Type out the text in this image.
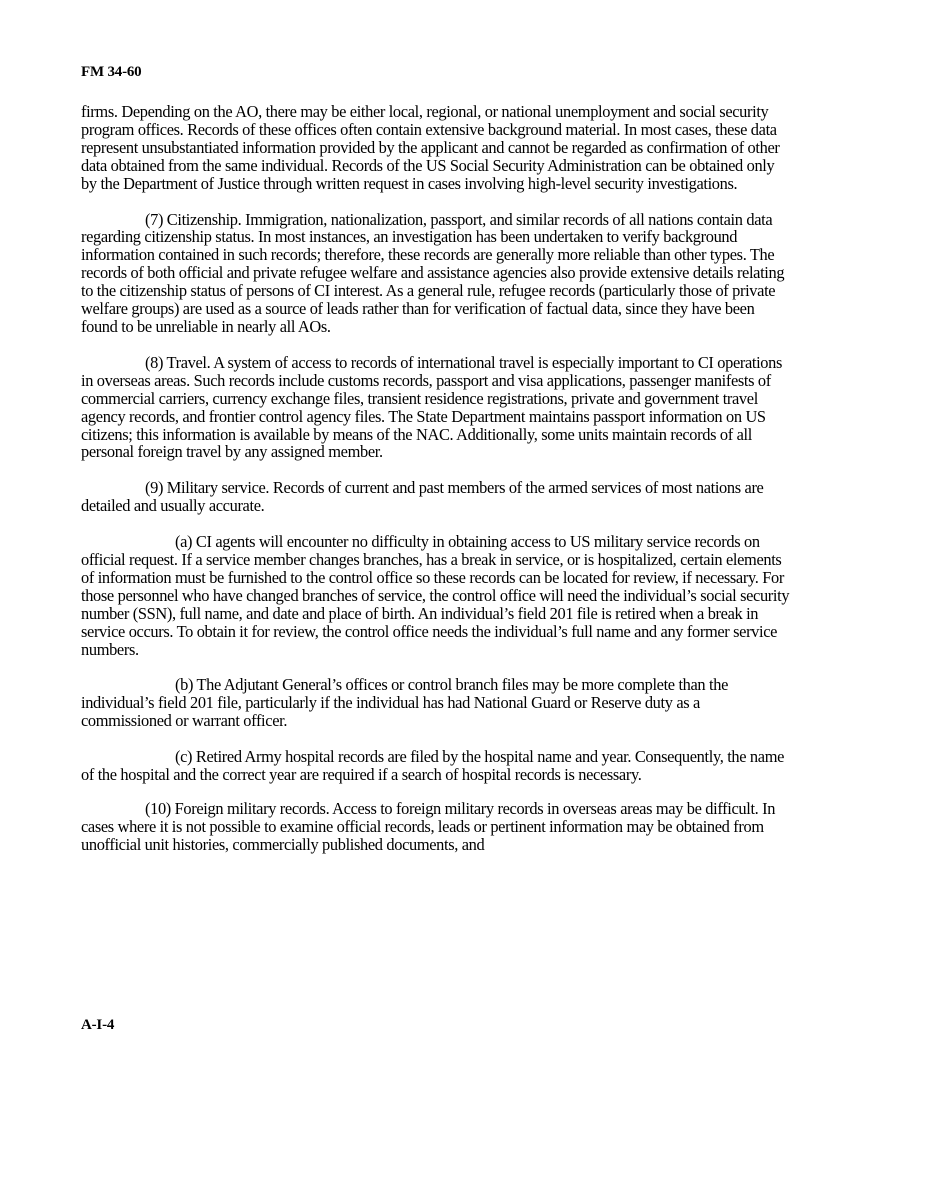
FM 34-60

firms. Depending on the AO, there may be either local, regional, or national unemployment and social security program offices. Records of these offices often contain extensive background material. In most cases, these data represent unsubstantiated information provided by the applicant and cannot be regarded as confirmation of other data obtained from the same individual. Records of the US Social Security Administration can be obtained only by the Department of Justice through written request in cases involving high-level security investigations.

(7) Citizenship. Immigration, nationalization, passport, and similar records of all nations contain data regarding citizenship status. In most instances, an investigation has been undertaken to verify background information contained in such records; therefore, these records are generally more reliable than other types. The records of both official and private refugee welfare and assistance agencies also provide extensive details relating to the citizenship status of persons of CI interest. As a general rule, refugee records (particularly those of private welfare groups) are used as a source of leads rather than for verification of factual data, since they have been found to be unreliable in nearly all AOs.

(8) Travel. A system of access to records of international travel is especially important to CI operations in overseas areas. Such records include customs records, passport and visa applications, passenger manifests of commercial carriers, currency exchange files, transient residence registrations, private and government travel agency records, and frontier control agency files. The State Department maintains passport information on US citizens; this information is available by means of the NAC. Additionally, some units maintain records of all personal foreign travel by any assigned member.

(9) Military service. Records of current and past members of the armed services of most nations are detailed and usually accurate.

(a) CI agents will encounter no difficulty in obtaining access to US military service records on official request. If a service member changes branches, has a break in service, or is hospitalized, certain elements of information must be furnished to the control office so these records can be located for review, if necessary. For those personnel who have changed branches of service, the control office will need the individual’s social security number (SSN), full name, and date and place of birth. An individual’s field 201 file is retired when a break in service occurs. To obtain it for review, the control office needs the individual’s full name and any former service numbers.

(b) The Adjutant General’s offices or control branch files may be more complete than the individual’s field 201 file, particularly if the individual has had National Guard or Reserve duty as a commissioned or warrant officer.

(c) Retired Army hospital records are filed by the hospital name and year. Consequently, the name of the hospital and the correct year are required if a search of hospital records is necessary.

(10) Foreign military records. Access to foreign military records in overseas areas may be difficult. In cases where it is not possible to examine official records, leads or pertinent information may be obtained from unofficial unit histories, commercially published documents, and

A-I-4
